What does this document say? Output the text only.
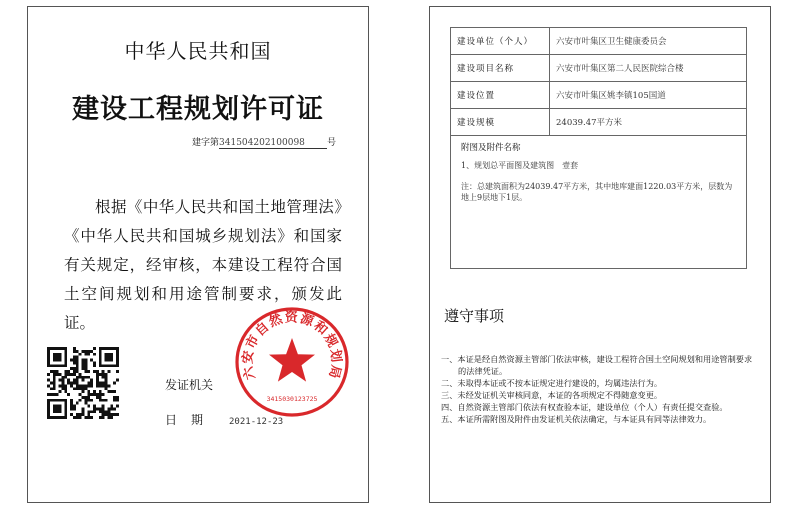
中华人民共和国
建设工程规划许可证
建字第341504202100098 号
根据《中华人民共和国土地管理法》《中华人民共和国城乡规划法》和国家有关规定，经审核，本建设工程符合国土空间规划和用途管制要求，颁发此证。
发证机关
日期 2021-12-23
六安市自然资源和规划局
3415030123725
建设单位（个人）	六安市叶集区卫生健康委员会
建设项目名称	六安市叶集区第二人民医院综合楼
建设位置	六安市叶集区姚李镇105国道
建设规模	24039.47平方米

附图及附件名称
1、规划总平面图及建筑图　壹套
注：总建筑面积为24039.47平方米，其中地库建面1220.03平方米，层数为地上9层地下1层。	
遵守事项
一、本证是经自然资源主管部门依法审核，建设工程符合国土空间规划和用途管制要求的法律凭证。
二、未取得本证或不按本证规定进行建设的，均属违法行为。
三、未经发证机关审核同意，本证的各项规定不得随意变更。
四、自然资源主管部门依法有权查验本证，建设单位（个人）有责任提交查验。
五、本证所需附图及附件由发证机关依法确定，与本证具有同等法律效力。
